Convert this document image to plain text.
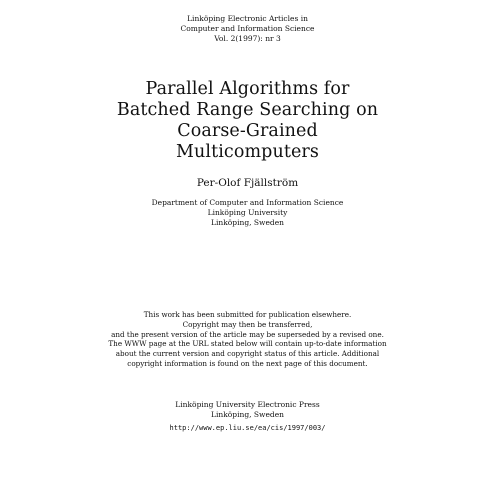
Linköping Electronic Articles in
Computer and Information Science
Vol. 2(1997): nr 3
Parallel Algorithms for
Batched Range Searching on
Coarse-Grained
Multicomputers
Per-Olof Fjällström
Department of Computer and Information Science
Linköping University
Linköping, Sweden
This work has been submitted for publication elsewhere.
Copyright may then be transferred,
and the present version of the article may be superseded by a revised one.
The WWW page at the URL stated below will contain up-to-date information
about the current version and copyright status of this article. Additional
copyright information is found on the next page of this document.
Linköping University Electronic Press
Linköping, Sweden
http://www.ep.liu.se/ea/cis/1997/003/
